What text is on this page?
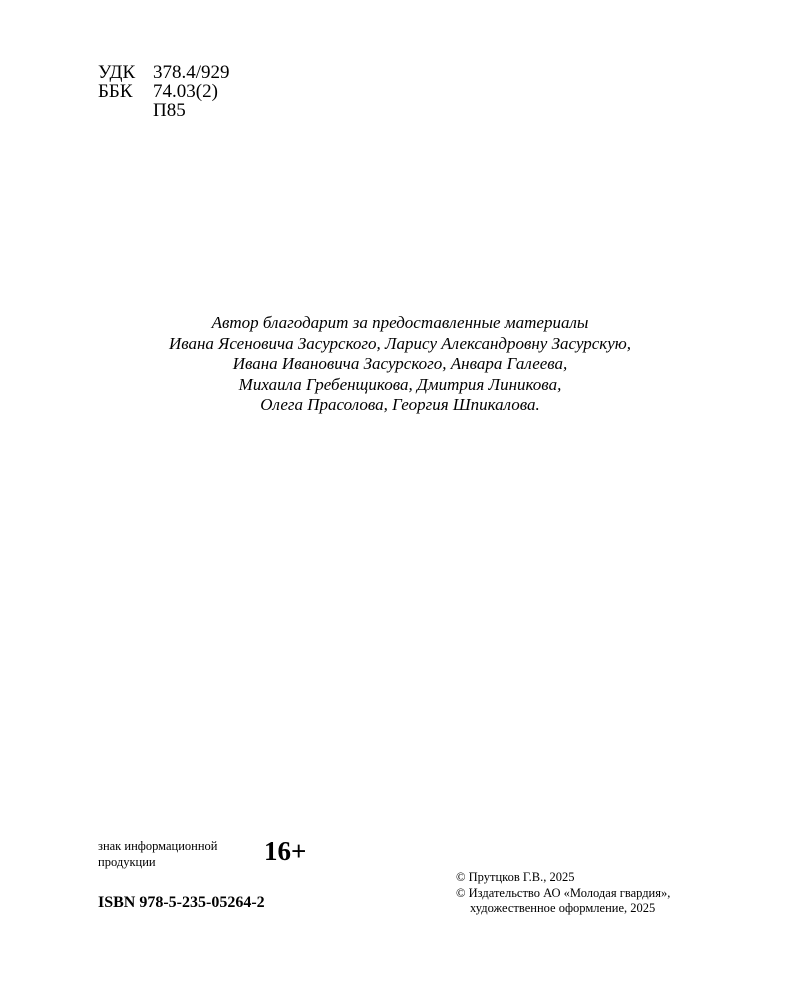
УДК 378.4/929
ББК	74.03(2)
П85
Автор благодарит за предоставленные материалы
Ивана Ясеновича Засурского, Ларису Александровну Засурскую,
Ивана Ивановича Засурского, Анвара Галеева,
Михаила Гребенщикова, Дмитрия Линикова,
Олега Прасолова, Георгия Шпикалова.
знак информационной
продукции	16+
ISBN 978-5-235-05264-2
© Прутцков Г.В., 2025
© Издательство АО «Молодая гвардия»,
художественное оформление, 2025
